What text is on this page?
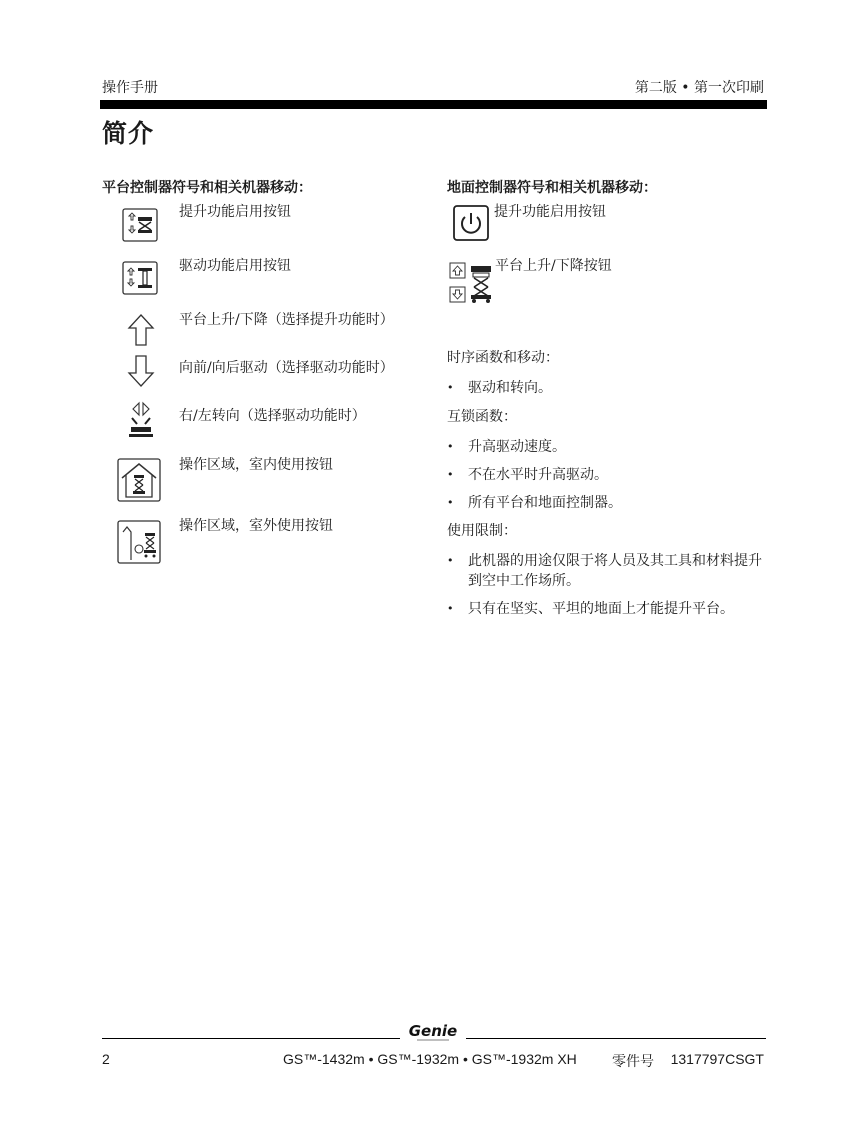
操作手册	第二版 • 第一次印刷
简介
平台控制器符号和相关机器移动：
提升功能启用按钮
驱动功能启用按钮
平台上升/下降（选择提升功能时）
向前/向后驱动（选择驱动功能时）
右/左转向（选择驱动功能时）
操作区域，室内使用按钮
操作区域，室外使用按钮
地面控制器符号和相关机器移动：
提升功能启用按钮
平台上升/下降按钮
时序函数和移动：
• 驱动和转向。
互锁函数：
• 升高驱动速度。
• 不在水平时升高驱动。
• 所有平台和地面控制器。
使用限制：
• 此机器的用途仅限于将人员及其工具和材料提升到空中工作场所。
• 只有在坚实、平坦的地面上才能提升平台。
Genie
2	GS™-1432m • GS™-1932m • GS™-1932m XH	零件号 1317797CSGT
